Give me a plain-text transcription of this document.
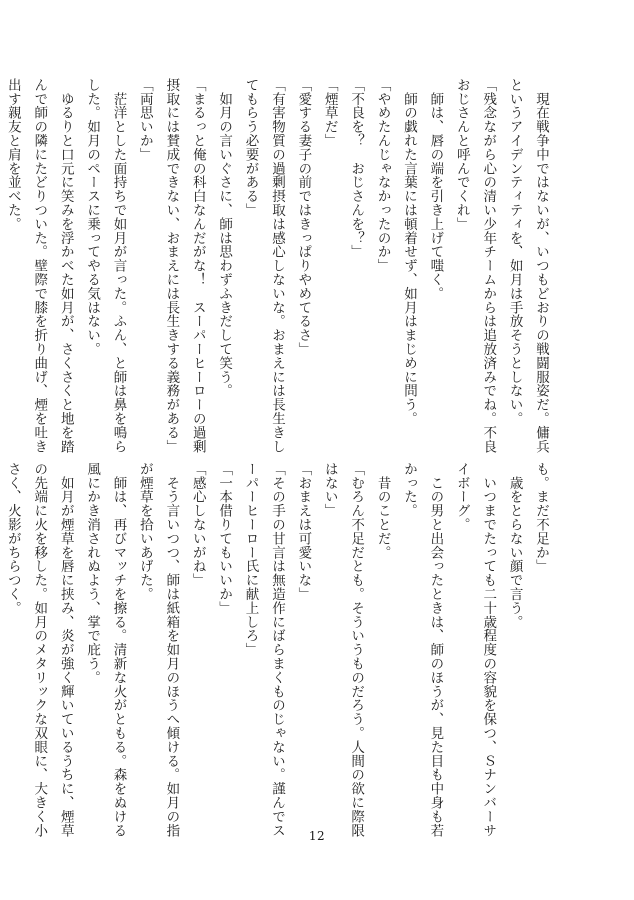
　現在戦争中ではないが、いつもどおりの戦闘服姿だ。傭兵
というアイデンティティを、如月は手放そうとしない。
「残念ながら心の清い少年チームからは追放済みでね。不良
おじさんと呼んでくれ」
　師は、唇の端を引き上げて嗤く。
　師の戯れた言葉には頓着せず、如月はまじめに問う。
「やめたんじゃなかったのか」
「不良を？　おじさんを？」
「煙草だ」
「愛する妻子の前ではきっぱりやめてるさ」
「有害物質の過剰摂取は感心しないな。おまえには長生きし
てもらう必要がある」
　如月の言いぐさに、師は思わずふきだして笑う。
「まるっと俺の科白なんだがな！　スーパーヒーローの過剰
摂取には賛成できない、おまえには長生きする義務がある」
「両思いか」
　茫洋とした面持ちで如月が言った。ふん、と師は鼻を鳴ら
した。如月のペースに乗ってやる気はない。
　ゆるりと口元に笑みを浮かべた如月が、さくさくと地を踏
んで師の隣にたどりついた。壁際で膝を折り曲げ、煙を吐き
出す親友と肩を並べた。
も。まだ不足か」
　歳をとらない顔で言う。
　いつまでたっても二十歳程度の容貌を保つ、Ｓナンバーサ
イボーグ。
　この男と出会ったときは、師のほうが、見た目も中身も若
かった。
　昔のことだ。
「むろん不足だとも。そういうものだろう。人間の欲に際限
はない」
「おまえは可愛いな」
「その手の甘言は無造作にばらまくものじゃない。謹んでス
ーパーヒーロー氏に献上しろ」
「一本借りてもいいか」
「感心しないがね」
　そう言いつつ、師は紙箱を如月のほうへ傾ける。如月の指
が煙草を拾いあげた。
　師は、再びマッチを擦る。清新な火がともる。森をぬける
風にかき消されぬよう、掌で庇う。
　如月が煙草を唇に挟み、炎が強く輝いているうちに、煙草
の先端に火を移した。如月のメタリックな双眼に、大きく小
さく、火影がちらつく。
12
